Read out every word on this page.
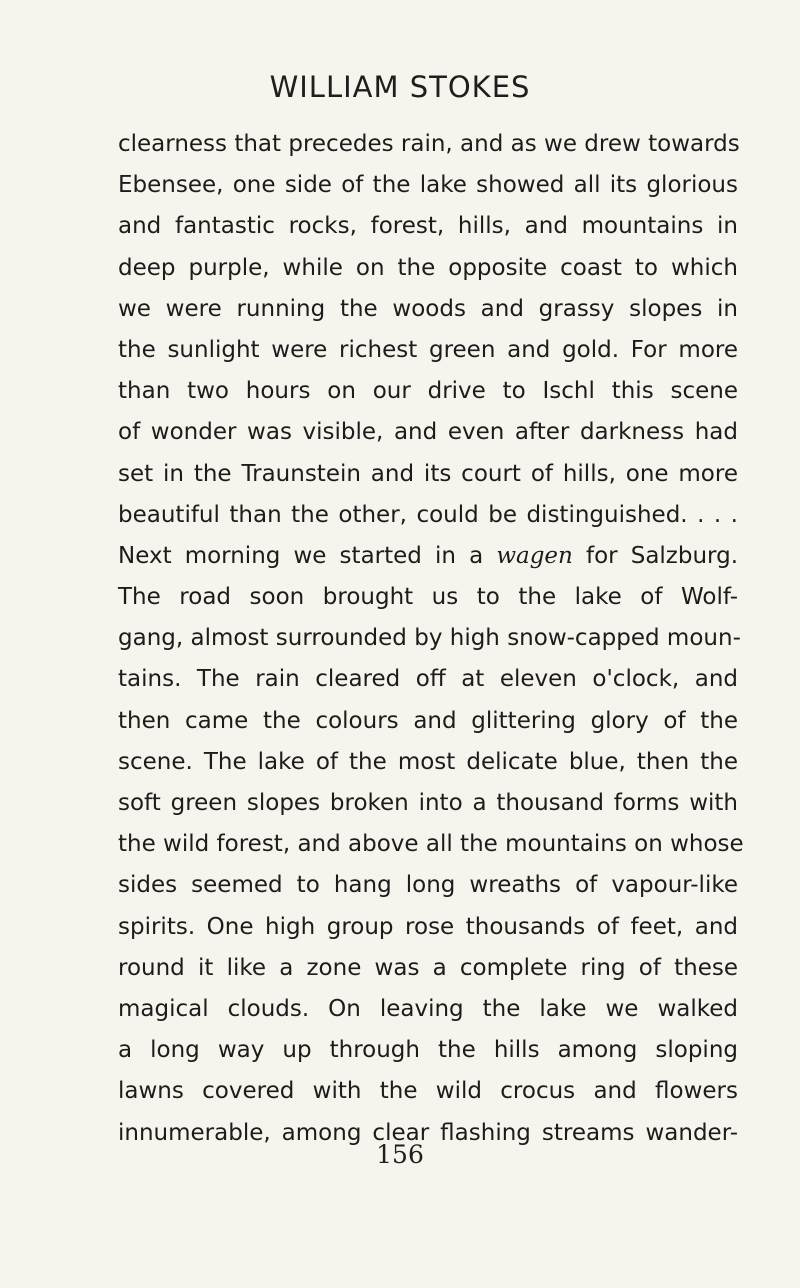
WILLIAM STOKES
clearness that precedes rain, and as we drew towards
Ebensee, one side of the lake showed all its glorious
and fantastic rocks, forest, hills, and mountains in
deep purple, while on the opposite coast to which
we were running the woods and grassy slopes in
the sunlight were richest green and gold. For more
than two hours on our drive to Ischl this scene
of wonder was visible, and even after darkness had
set in the Traunstein and its court of hills, one more
beautiful than the other, could be distinguished. . . .
Next morning we started in a wagen for Salzburg.
The road soon brought us to the lake of Wolf-
gang, almost surrounded by high snow-capped moun-
tains. The rain cleared off at eleven o'clock, and
then came the colours and glittering glory of the
scene. The lake of the most delicate blue, then the
soft green slopes broken into a thousand forms with
the wild forest, and above all the mountains on whose
sides seemed to hang long wreaths of vapour-like
spirits. One high group rose thousands of feet, and
round it like a zone was a complete ring of these
magical clouds. On leaving the lake we walked
a long way up through the hills among sloping
lawns covered with the wild crocus and flowers
innumerable, among clear flashing streams wander-
156
